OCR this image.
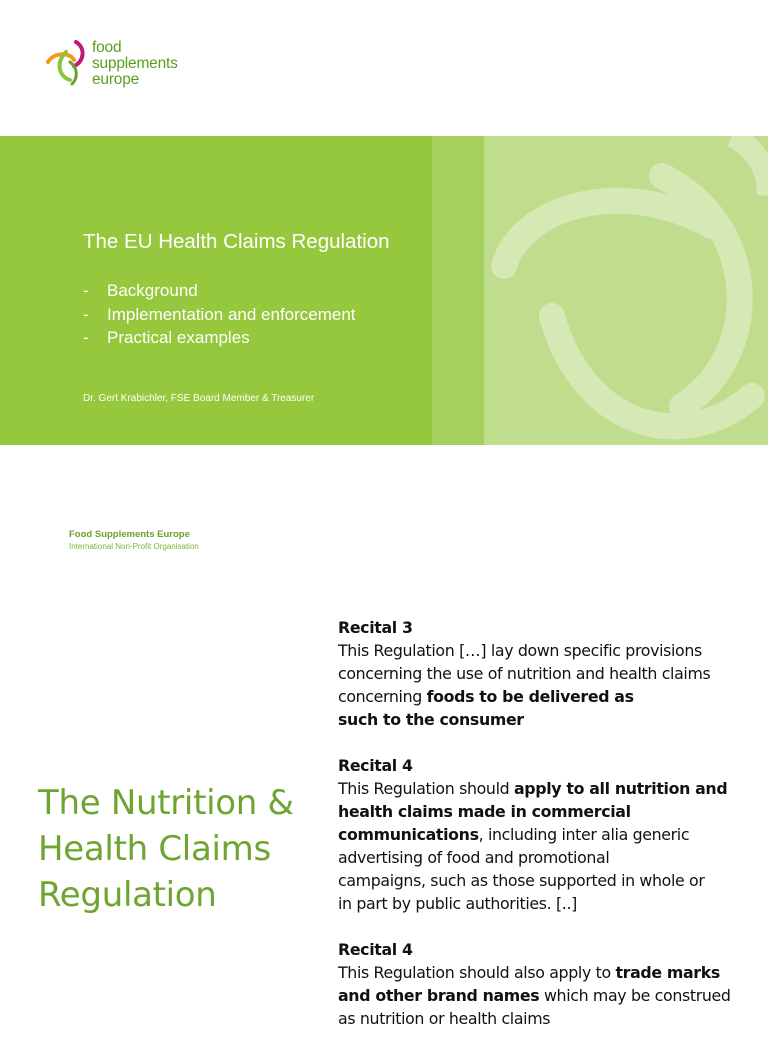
food
supplements
europe
The EU Health Claims Regulation
-	Background
-	Implementation and enforcement
-	Practical examples
Dr. Gert Krabichler, FSE Board Member & Treasurer
Food Supplements Europe
International Non-Profit Organisation
The Nutrition &
Health Claims
Regulation
Recital 3
This Regulation […] lay down specific provisions
concerning the use of nutrition and health claims
concerning foods to be delivered as
such to the consumer
Recital 4
This Regulation should apply to all nutrition and
health claims made in commercial
communications, including inter alia generic
advertising of food and promotional
campaigns, such as those supported in whole or
in part by public authorities. [..]
Recital 4
This Regulation should also apply to trade marks
and other brand names which may be construed
as nutrition or health claims
